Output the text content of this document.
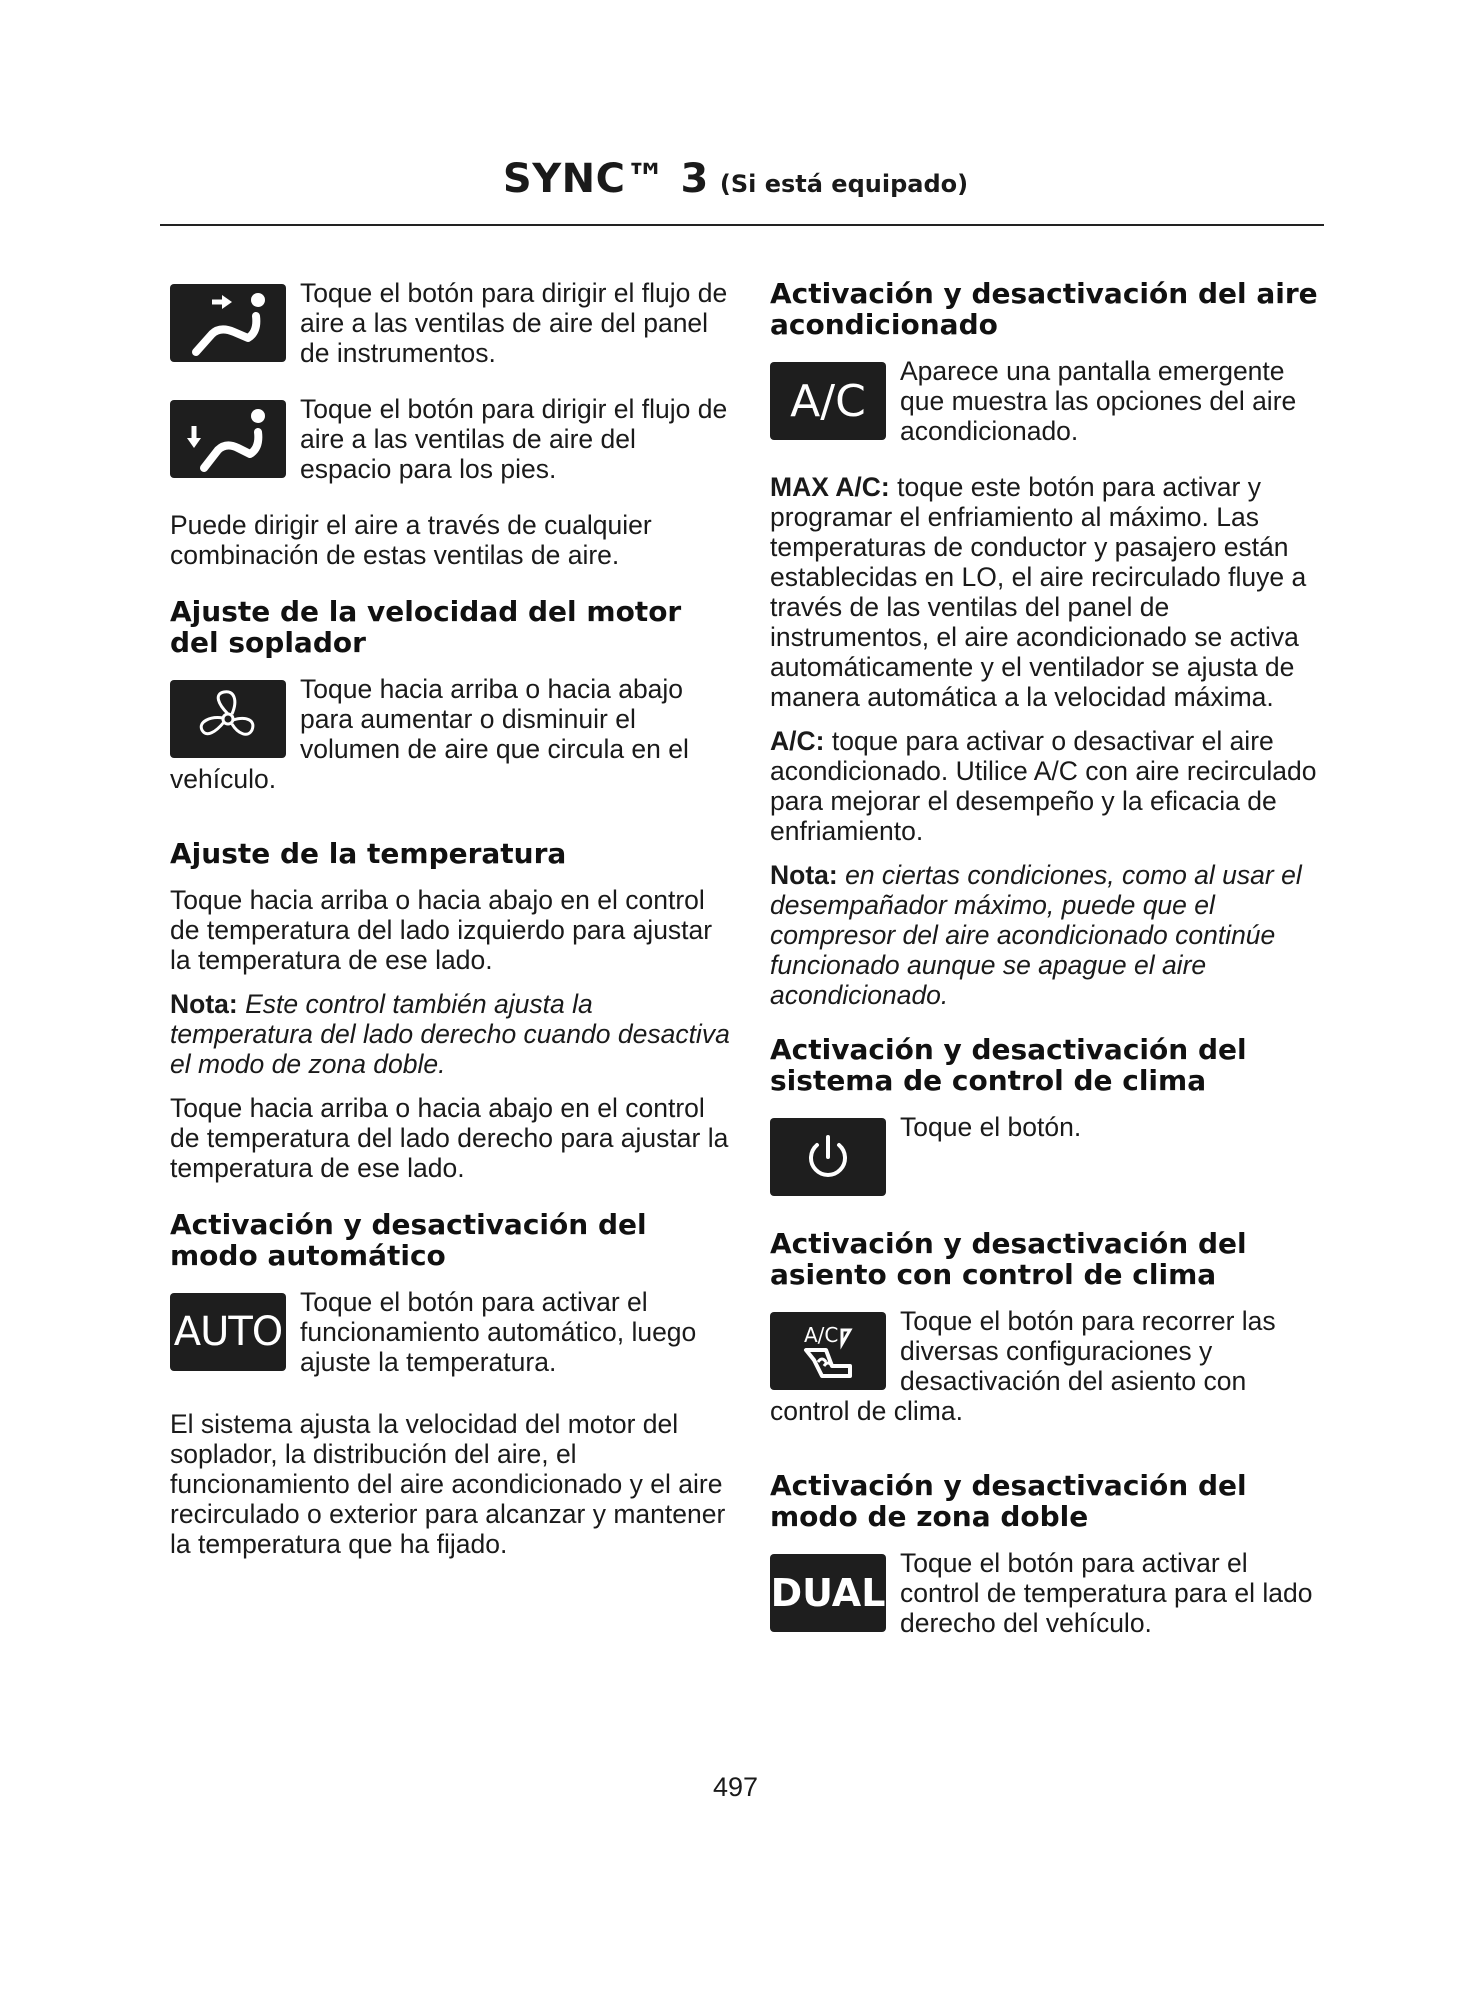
SYNC™ 3 (Si está equipado)

Toque el botón para dirigir el flujo de aire a las ventilas de aire del panel de instrumentos.

Toque el botón para dirigir el flujo de aire a las ventilas de aire del espacio para los pies.

Puede dirigir el aire a través de cualquier combinación de estas ventilas de aire.

Ajuste de la velocidad del motor del soplador

Toque hacia arriba o hacia abajo para aumentar o disminuir el volumen de aire que circula en el vehículo.

Ajuste de la temperatura

Toque hacia arriba o hacia abajo en el control de temperatura del lado izquierdo para ajustar la temperatura de ese lado.

Nota: Este control también ajusta la temperatura del lado derecho cuando desactiva el modo de zona doble.

Toque hacia arriba o hacia abajo en el control de temperatura del lado derecho para ajustar la temperatura de ese lado.

Activación y desactivación del modo automático
AUTO

Toque el botón para activar el funcionamiento automático, luego ajuste la temperatura.

El sistema ajusta la velocidad del motor del soplador, la distribución del aire, el funcionamiento del aire acondicionado y el aire recirculado o exterior para alcanzar y mantener la temperatura que ha fijado.

Activación y desactivación del aire acondicionado
A/C

Aparece una pantalla emergente que muestra las opciones del aire acondicionado.

MAX A/C: toque este botón para activar y programar el enfriamiento al máximo. Las temperaturas de conductor y pasajero están establecidas en LO, el aire recirculado fluye a través de las ventilas del panel de instrumentos, el aire acondicionado se activa automáticamente y el ventilador se ajusta de manera automática a la velocidad máxima.

A/C: toque para activar o desactivar el aire acondicionado. Utilice A/C con aire recirculado para mejorar el desempeño y la eficacia de enfriamiento.

Nota: en ciertas condiciones, como al usar el desempañador máximo, puede que el compresor del aire acondicionado continúe funcionado aunque se apague el aire acondicionado.

Activación y desactivación del sistema de control de clima

Toque el botón.

Activación y desactivación del asiento con control de clima
A/C	Toque el botón para recorrer las diversas configuraciones y desactivación del asiento con control de clima.

Activación y desactivación del modo de zona doble
DUAL

Toque el botón para activar el control de temperatura para el lado derecho del vehículo.

497
